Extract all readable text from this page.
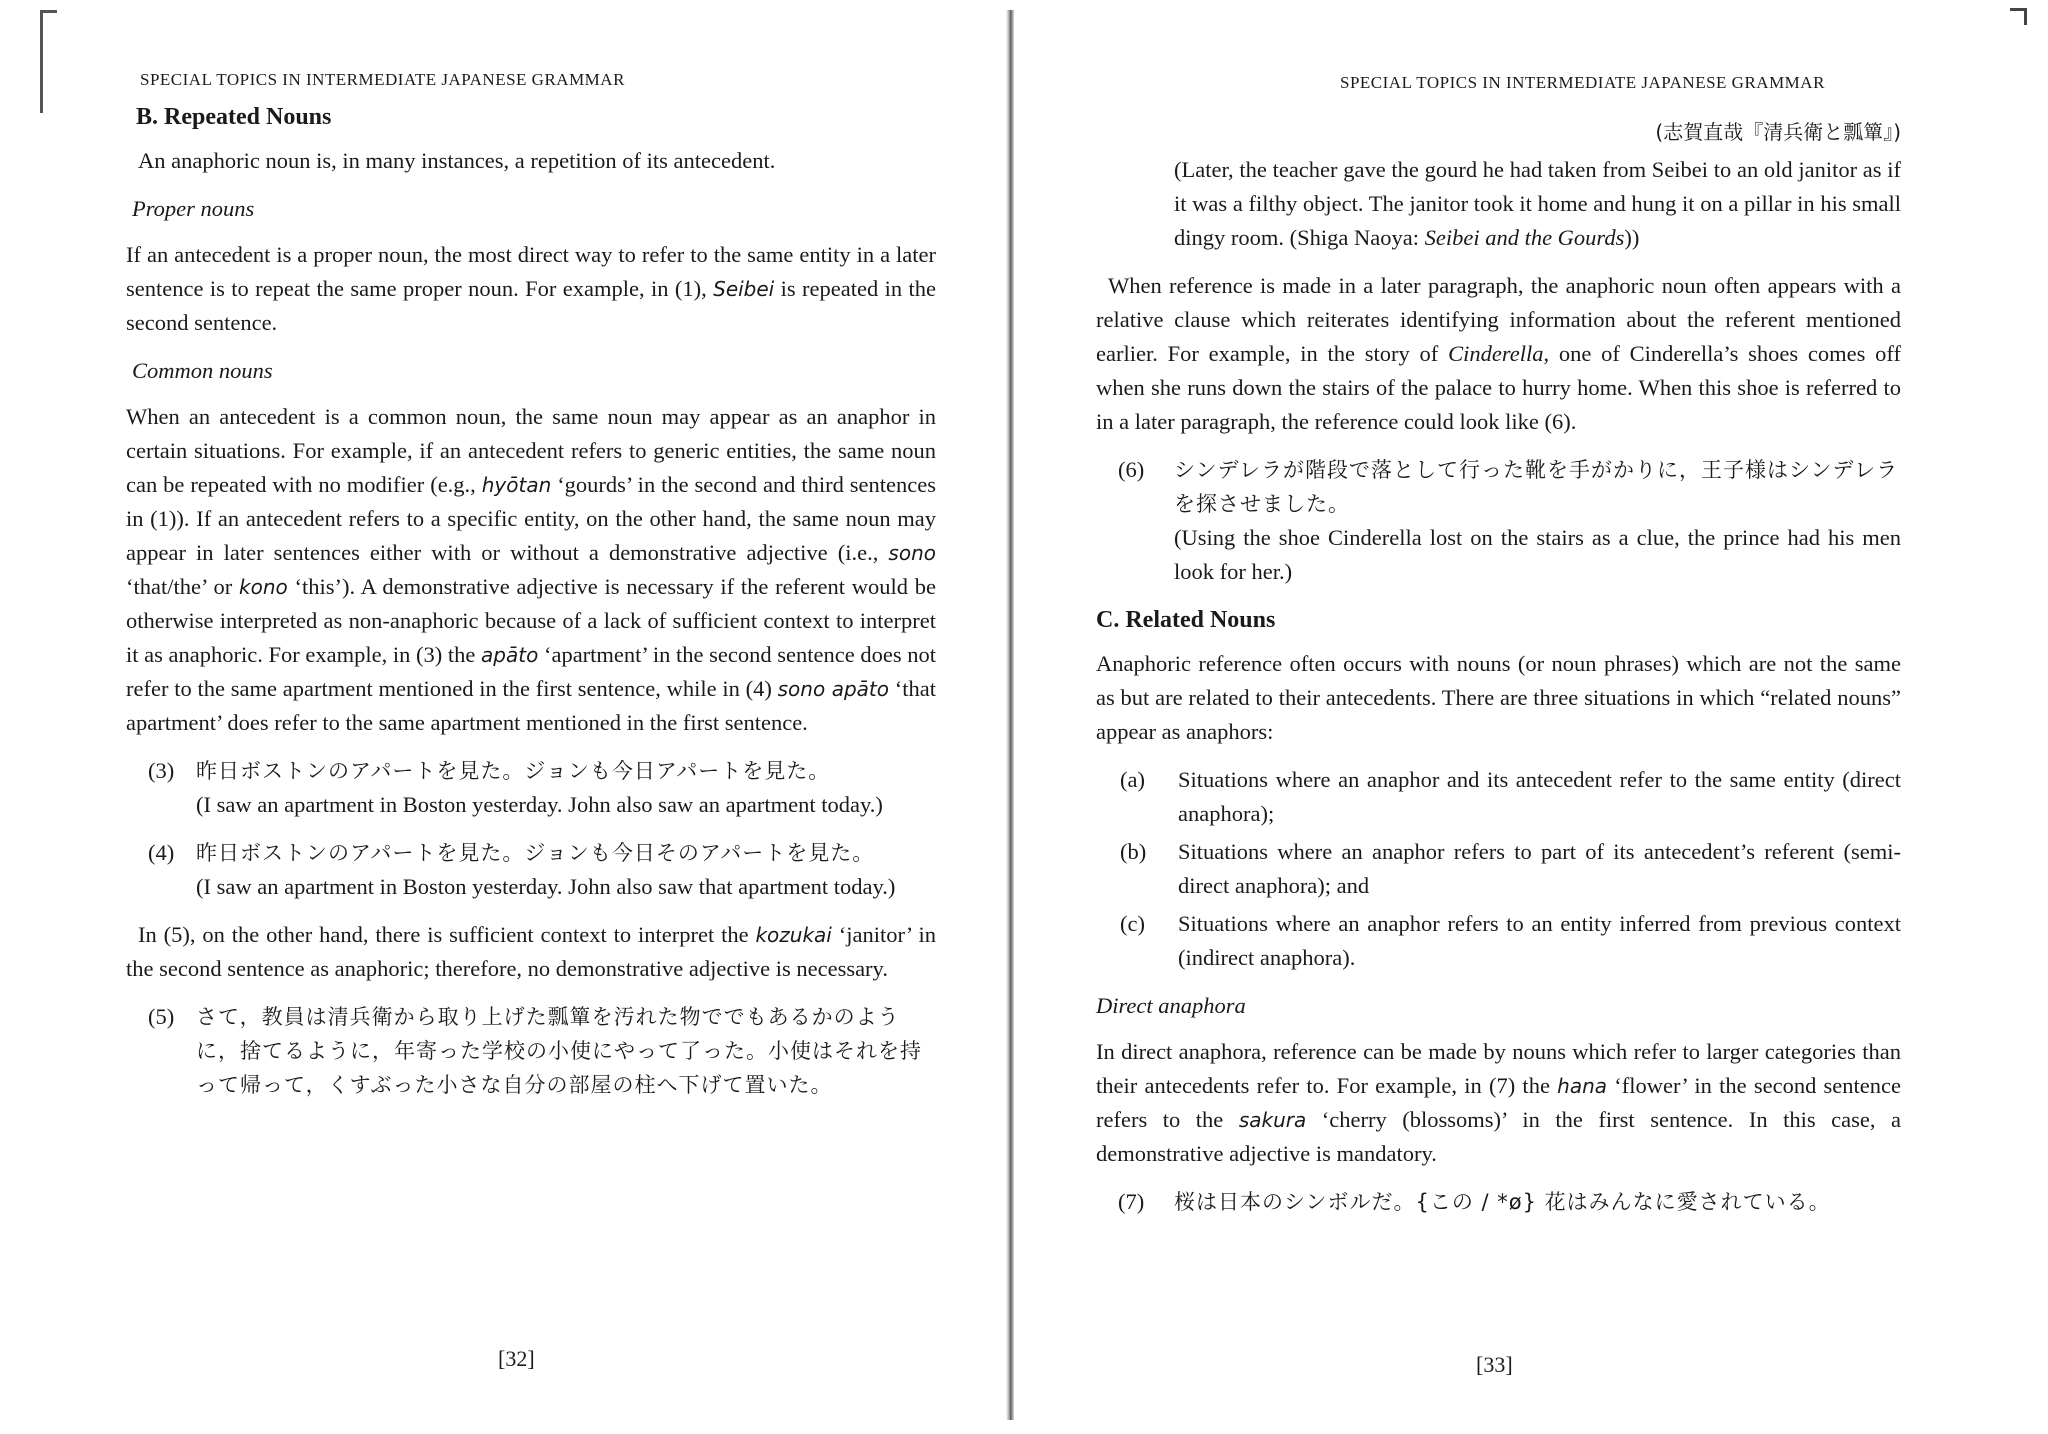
SPECIAL TOPICS IN INTERMEDIATE JAPANESE GRAMMAR
B. Repeated Nouns

An anaphoric noun is, in many instances, a repetition of its antecedent.

Proper nouns

If an antecedent is a proper noun, the most direct way to refer to the same entity in a later sentence is to repeat the same proper noun. For example, in (1), Seibei is repeated in the second sentence.

Common nouns

When an antecedent is a common noun, the same noun may appear as an anaphor in certain situations. For example, if an antecedent refers to generic entities, the same noun can be repeated with no modifier (e.g., hyōtan ‘gourds’ in the second and third sentences in (1)). If an antecedent refers to a specific entity, on the other hand, the same noun may appear in later sentences either with or without a demonstrative adjective (i.e., sono ‘that/the’ or kono ‘this’). A demonstrative adjective is necessary if the referent would be otherwise interpreted as non-anaphoric because of a lack of sufficient context to interpret it as anaphoric. For example, in (3) the apāto ‘apartment’ in the second sentence does not refer to the same apartment mentioned in the first sentence, while in (4) sono apāto ‘that apartment’ does refer to the same apartment mentioned in the first sentence.

(3) 昨日ボストンのアパートを見た。ジョンも今日アパートを見た。
(I saw an apartment in Boston yesterday. John also saw an apartment today.)
(4) 昨日ボストンのアパートを見た。ジョンも今日そのアパートを見た。
(I saw an apartment in Boston yesterday. John also saw that apartment today.)

In (5), on the other hand, there is sufficient context to interpret the kozukai ‘janitor’ in the second sentence as anaphoric; therefore, no demonstrative adjective is necessary.

(5) さて，教員は清兵衛から取り上げた瓢簞を汚れた物ででもあるかのように，捨てるように，年寄った学校の小使にやって了った。小使はそれを持って帰って，くすぶった小さな自分の部屋の柱へ下げて置いた。
[32]
SPECIAL TOPICS IN INTERMEDIATE JAPANESE GRAMMAR
(志賀直哉『清兵衛と瓢簞』)
(Later, the teacher gave the gourd he had taken from Seibei to an old janitor as if it was a filthy object. The janitor took it home and hung it on a pillar in his small dingy room. (Shiga Naoya: Seibei and the Gourds))

When reference is made in a later paragraph, the anaphoric noun often appears with a relative clause which reiterates identifying information about the referent mentioned earlier. For example, in the story of Cinderella, one of Cinderella’s shoes comes off when she runs down the stairs of the palace to hurry home. When this shoe is referred to in a later paragraph, the reference could look like (6).

(6) シンデレラが階段で落として行った靴を手がかりに，王子様はシンデレラを探させました。
(Using the shoe Cinderella lost on the stairs as a clue, the prince had his men look for her.)
C. Related Nouns

Anaphoric reference often occurs with nouns (or noun phrases) which are not the same as but are related to their antecedents. There are three situations in which “related nouns” appear as anaphors:

(a) Situations where an anaphor and its antecedent refer to the same entity (direct anaphora);
(b) Situations where an anaphor refers to part of its antecedent’s referent (semi-direct anaphora); and
(c) Situations where an anaphor refers to an entity inferred from previous context (indirect anaphora).
Direct anaphora

In direct anaphora, reference can be made by nouns which refer to larger categories than their antecedents refer to. For example, in (7) the hana ‘flower’ in the second sentence refers to the sakura ‘cherry (blossoms)’ in the first sentence. In this case, a demonstrative adjective is mandatory.

(7) 桜は日本のシンボルだ。{この / *ø} 花はみんなに愛されている。
[33]
